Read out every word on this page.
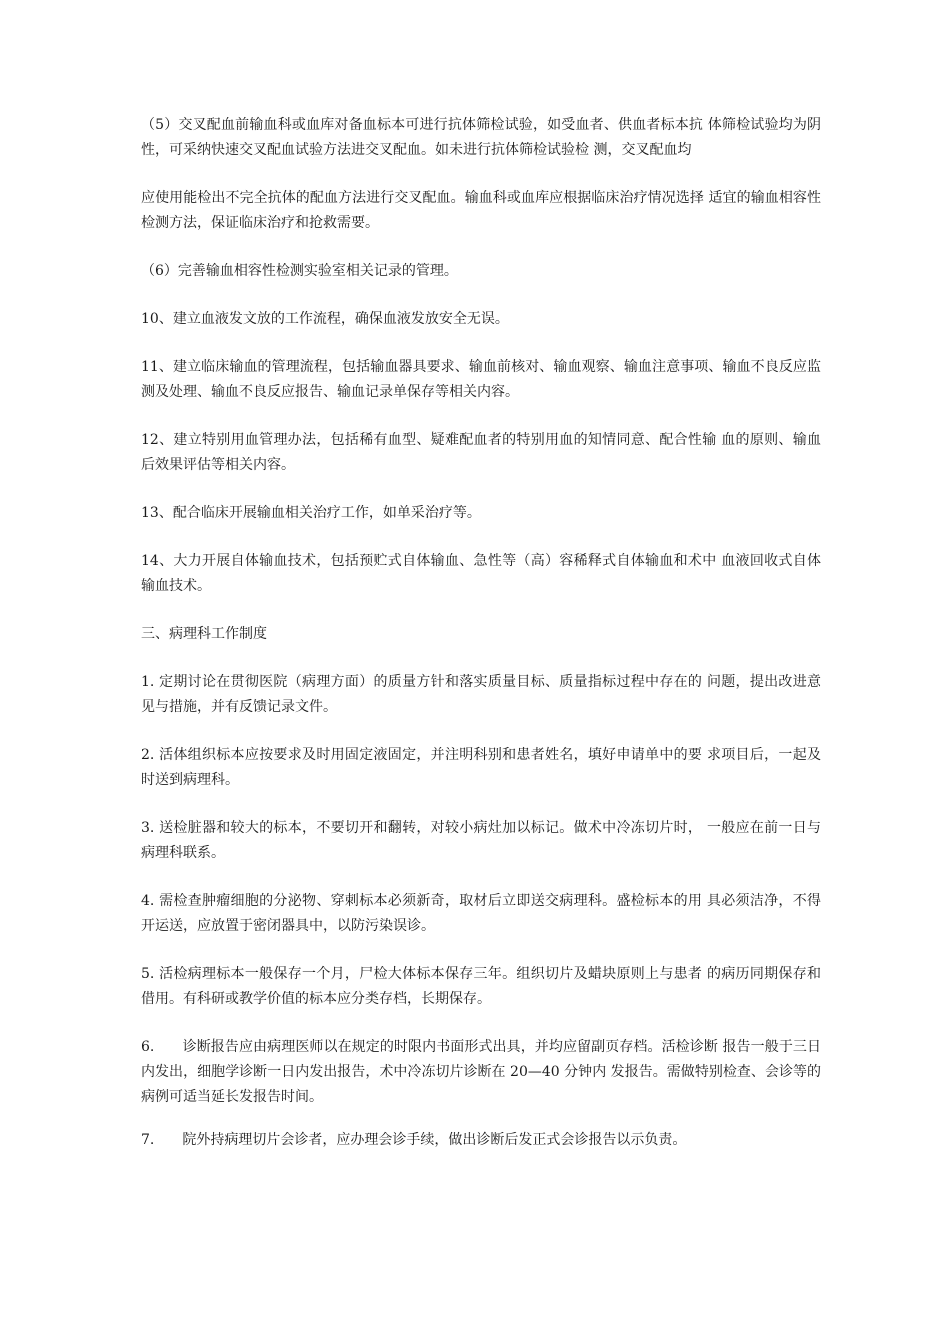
（5）交叉配血前输血科或血库对备血标本可进行抗体筛检试验，如受血者、供血者标本抗 体筛检试验均为阴性，可采纳快速交叉配血试验方法进交叉配血。如未进行抗体筛检试验检 测，交叉配血均

应使用能检出不完全抗体的配血方法进行交叉配血。输血科或血库应根据临床治疗情况选择 适宜的输血相容性检测方法，保证临床治疗和抢救需要。

（6）完善输血相容性检测实验室相关记录的管理。

10、建立血液发文放的工作流程，确保血液发放安全无误。

11、建立临床输血的管理流程，包括输血器具要求、输血前核对、输血观察、输血注意事项、输血不良反应监测及处理、输血不良反应报告、输血记录单保存等相关内容。

12、建立特别用血管理办法，包括稀有血型、疑难配血者的特别用血的知情同意、配合性输 血的原则、输血后效果评估等相关内容。

13、配合临床开展输血相关治疗工作，如单采治疗等。

14、大力开展自体输血技术，包括预贮式自体输血、急性等（高）容稀释式自体输血和术中 血液回收式自体输血技术。

三、病理科工作制度

1. 定期讨论在贯彻医院（病理方面）的质量方针和落实质量目标、质量指标过程中存在的 问题，提出改进意见与措施，并有反馈记录文件。

2. 活体组织标本应按要求及时用固定液固定，并注明科别和患者姓名，填好申请单中的要 求项目后，一起及时送到病理科。

3. 送检脏器和较大的标本，不要切开和翻转，对较小病灶加以标记。做术中冷冻切片时， 一般应在前一日与病理科联系。

4. 需检查肿瘤细胞的分泌物、穿刺标本必须新奇，取材后立即送交病理科。盛检标本的用 具必须洁净，不得开运送，应放置于密闭器具中，以防污染误诊。

5. 活检病理标本一般保存一个月，尸检大体标本保存三年。组织切片及蜡块原则上与患者 的病历同期保存和借用。有科研或教学价值的标本应分类存档，长期保存。

6.　　诊断报告应由病理医师以在规定的时限内书面形式出具，并均应留副页存档。活检诊断 报告一般于三日内发出，细胞学诊断一日内发出报告，术中冷冻切片诊断在 20—40 分钟内 发报告。需做特别检查、会诊等的病例可适当延长发报告时间。

7.　　院外持病理切片会诊者，应办理会诊手续，做出诊断后发正式会诊报告以示负责。
